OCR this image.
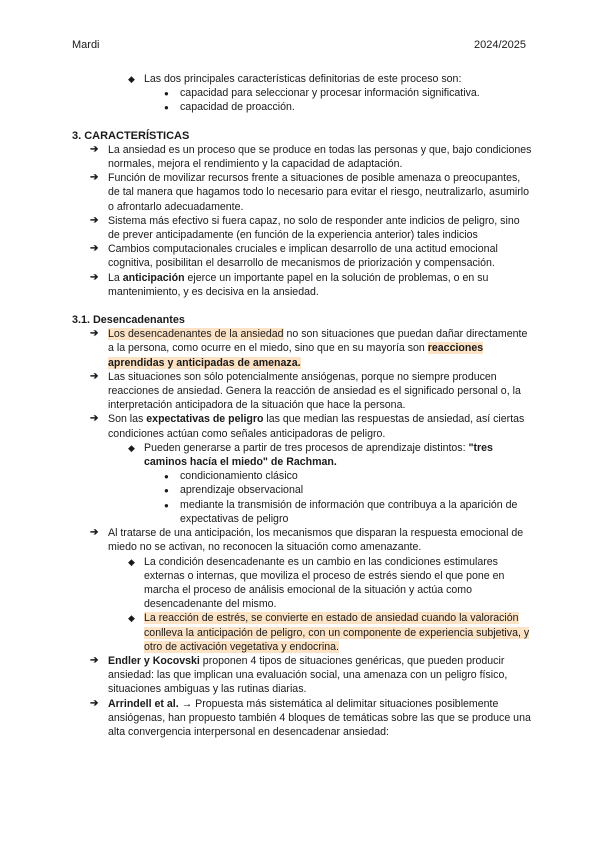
Mardi	2024/2025
◆ Las dos principales características definitorias de este proceso son:
● capacidad para seleccionar y procesar información significativa.
● capacidad de proacción.
3. CARACTERÍSTICAS
➔ La ansiedad es un proceso que se produce en todas las personas y que, bajo condiciones normales, mejora el rendimiento y la capacidad de adaptación.
➔ Función de movilizar recursos frente a situaciones de posible amenaza o preocupantes, de tal manera que hagamos todo lo necesario para evitar el riesgo, neutralizarlo, asumirlo o afrontarlo adecuadamente.
➔ Sistema más efectivo si fuera capaz, no solo de responder ante indicios de peligro, sino de prever anticipadamente (en función de la experiencia anterior) tales indicios
➔ Cambios computacionales cruciales e implican desarrollo de una actitud emocional cognitiva, posibilitan el desarrollo de mecanismos de priorización y compensación.
➔ La anticipación ejerce un importante papel en la solución de problemas, o en su mantenimiento, y es decisiva en la ansiedad.
3.1. Desencadenantes
➔ Los desencadenantes de la ansiedad no son situaciones que puedan dañar directamente a la persona, como ocurre en el miedo, sino que en su mayoría son reacciones aprendidas y anticipadas de amenaza.
➔ Las situaciones son sólo potencialmente ansiógenas, porque no siempre producen reacciones de ansiedad. Genera la reacción de ansiedad es el significado personal o, la interpretación anticipadora de la situación que hace la persona.
➔ Son las expectativas de peligro las que median las respuestas de ansiedad, así ciertas condiciones actúan como señales anticipadoras de peligro.
◆ Pueden generarse a partir de tres procesos de aprendizaje distintos: "tres caminos hacía el miedo" de Rachman.
● condicionamiento clásico
● aprendizaje observacional
● mediante la transmisión de información que contribuya a la aparición de expectativas de peligro
➔ Al tratarse de una anticipación, los mecanismos que disparan la respuesta emocional de miedo no se activan, no reconocen la situación como amenazante.
◆ La condición desencadenante es un cambio en las condiciones estimulares externas o internas, que moviliza el proceso de estrés siendo el que pone en marcha el proceso de análisis emocional de la situación y actúa como desencadenante del mismo.
◆ La reacción de estrés, se convierte en estado de ansiedad cuando la valoración conlleva la anticipación de peligro, con un componente de experiencia subjetiva, y otro de activación vegetativa y endocrina.
➔ Endler y Kocovski proponen 4 tipos de situaciones genéricas, que pueden producir ansiedad: las que implican una evaluación social, una amenaza con un peligro físico, situaciones ambiguas y las rutinas diarias.
➔ Arrindell et al. → Propuesta más sistemática al delimitar situaciones posiblemente ansiógenas, han propuesto también 4 bloques de temáticas sobre las que se produce una alta convergencia interpersonal en desencadenar ansiedad:
